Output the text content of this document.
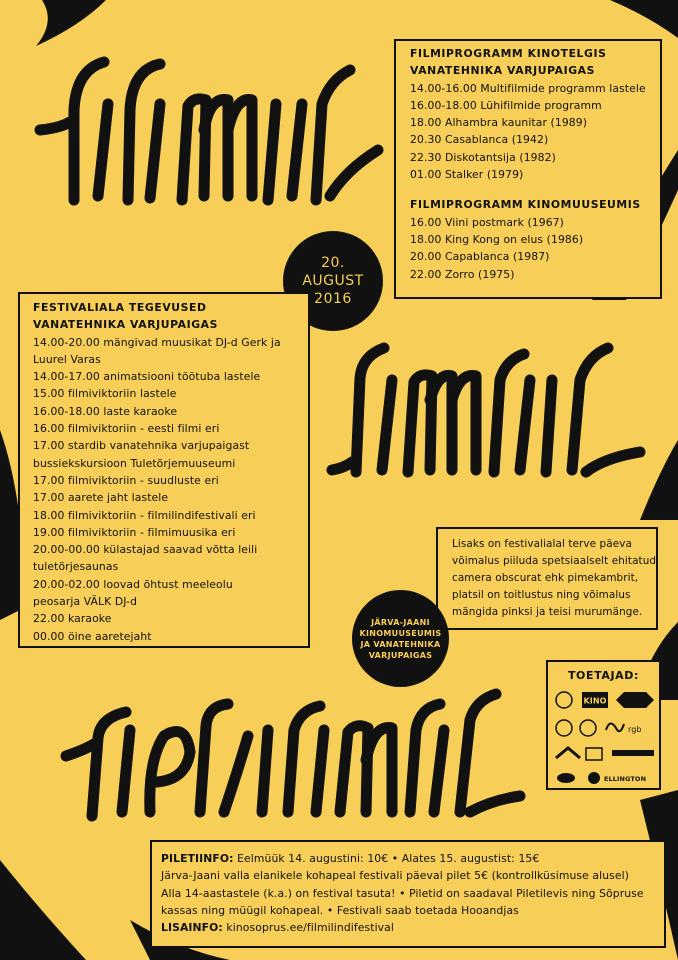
20.
AUGUST
2016
FILMIPROGRAMM KINOTELGIS
VANATEHNIKA VARJUPAIGAS
14.00-16.00 Multifilmide programm lastele
16.00-18.00 Lühifilmide programm
18.00 Alhambra kaunitar (1989)
20.30 Casablanca (1942)
22.30 Diskotantsija (1982)
01.00 Stalker (1979)
FILMIPROGRAMM KINOMUUSEUMIS
16.00 Viini postmark (1967)
18.00 King Kong on elus (1986)
20.00 Capablanca (1987)
22.00 Zorro (1975)
FESTIVALIALA TEGEVUSED
VANATEHNIKA VARJUPAIGAS
14.00-20.00 mängivad muusikat DJ-d Gerk ja
Luurel Varas
14.00-17.00 animatsiooni töötuba lastele
15.00 filmiviktoriin lastele
16.00-18.00 laste karaoke
16.00 filmiviktoriin - eesti filmi eri
17.00 stardib vanatehnika varjupaigast
bussiekskursioon Tuletõrjemuuseumi
17.00 filmiviktoriin - suudluste eri
17.00 aarete jaht lastele
18.00 filmiviktoriin - filmilindifestivali eri
19.00 filmiviktoriin - filmimuusika eri
20.00-00.00 külastajad saavad võtta leili
tuletõrjesaunas
20.00-02.00 loovad õhtust meeleolu
peosarja VÄLK DJ-d
22.00 karaoke
00.00 öine aaretejaht
Lisaks on festivalialal terve päeva
võimalus piiluda spetsiaalselt ehitatud
camera obscurat ehk pimekambrit,
platsil on toitlustus ning võimalus
mängida pinksi ja teisi murumänge.
JÄRVA-JAANI
KINOMUUSEUMIS
JA VANATEHNIKA
VARJUPAIGAS
TOETAJAD:
KINO
rgb
ELLINGTON
PILETIINFO: Eelmüük 14. augustini: 10€ • Alates 15. augustist: 15€
Järva-Jaani valla elanikele kohapeal festivali päeval pilet 5€ (kontrollküsimuse alusel)
Alla 14-aastastele (k.a.) on festival tasuta! • Piletid on saadaval Piletilevis ning Sõpruse
kassas ning müügil kohapeal. • Festivali saab toetada Hooandjas
LISAINFO: kinosoprus.ee/filmilindifestival
